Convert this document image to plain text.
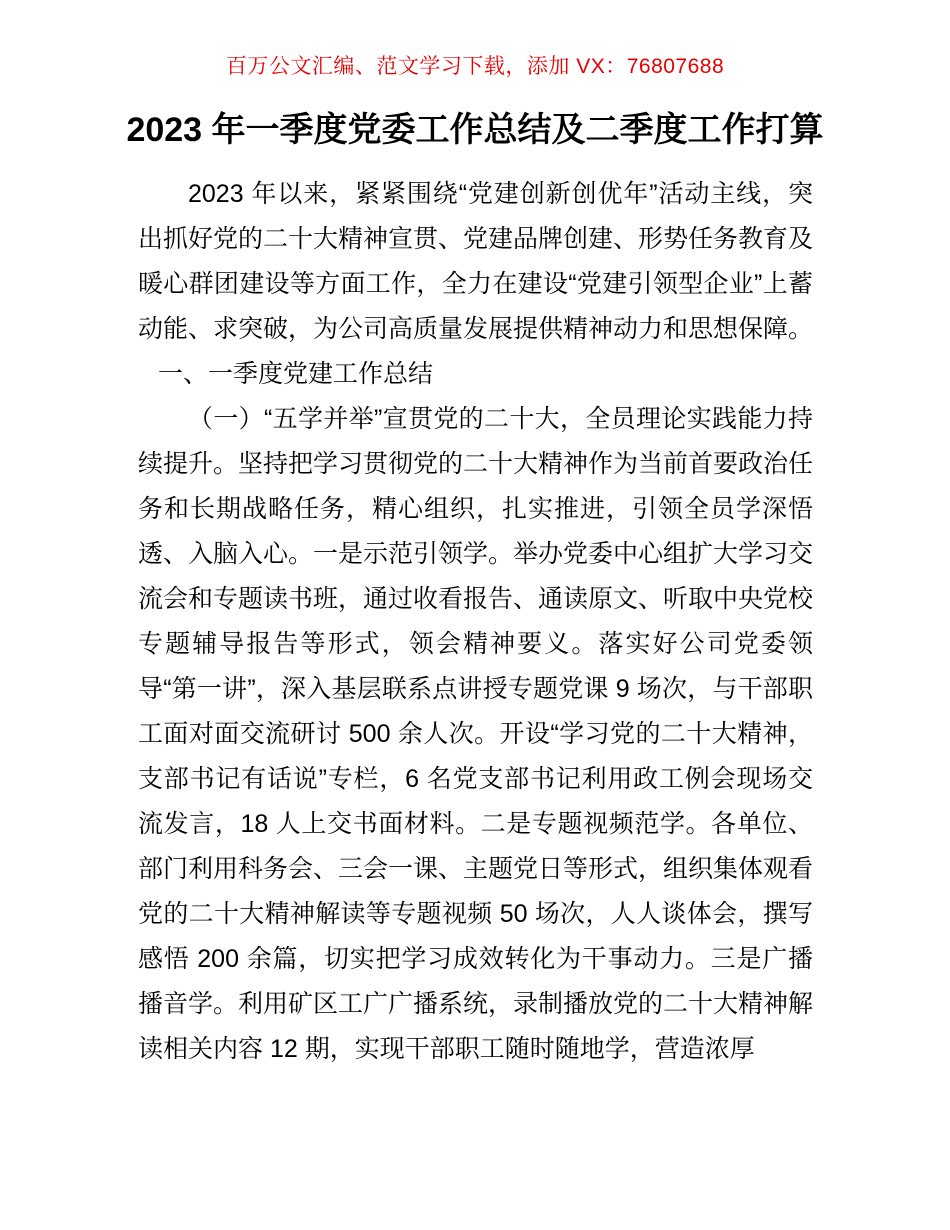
百万公文汇编、范文学习下载，添加 VX：76807688
2023 年一季度党委工作总结及二季度工作打算

2023 年以来，紧紧围绕“党建创新创优年”活动主线，突出抓好党的二十大精神宣贯、党建品牌创建、形势任务教育及暖心群团建设等方面工作，全力在建设“党建引领型企业”上蓄动能、求突破，为公司高质量发展提供精神动力和思想保障。

一、一季度党建工作总结

（一）“五学并举”宣贯党的二十大，全员理论实践能力持续提升。坚持把学习贯彻党的二十大精神作为当前首要政治任务和长期战略任务，精心组织，扎实推进，引领全员学深悟透、入脑入心。一是示范引领学。举办党委中心组扩大学习交流会和专题读书班，通过收看报告、通读原文、听取中央党校专题辅导报告等形式，领会精神要义。落实好公司党委领导“第一讲”，深入基层联系点讲授专题党课 9 场次，与干部职工面对面交流研讨 500 余人次。开设“学习党的二十大精神，支部书记有话说”专栏，6 名党支部书记利用政工例会现场交流发言，18 人上交书面材料。二是专题视频范学。各单位、部门利用科务会、三会一课、主题党日等形式，组织集体观看党的二十大精神解读等专题视频 50 场次，人人谈体会，撰写感悟 200 余篇，切实把学习成效转化为干事动力。三是广播播音学。利用矿区工广广播系统，录制播放党的二十大精神解读相关内容 12 期，实现干部职工随时随地学，营造浓厚
